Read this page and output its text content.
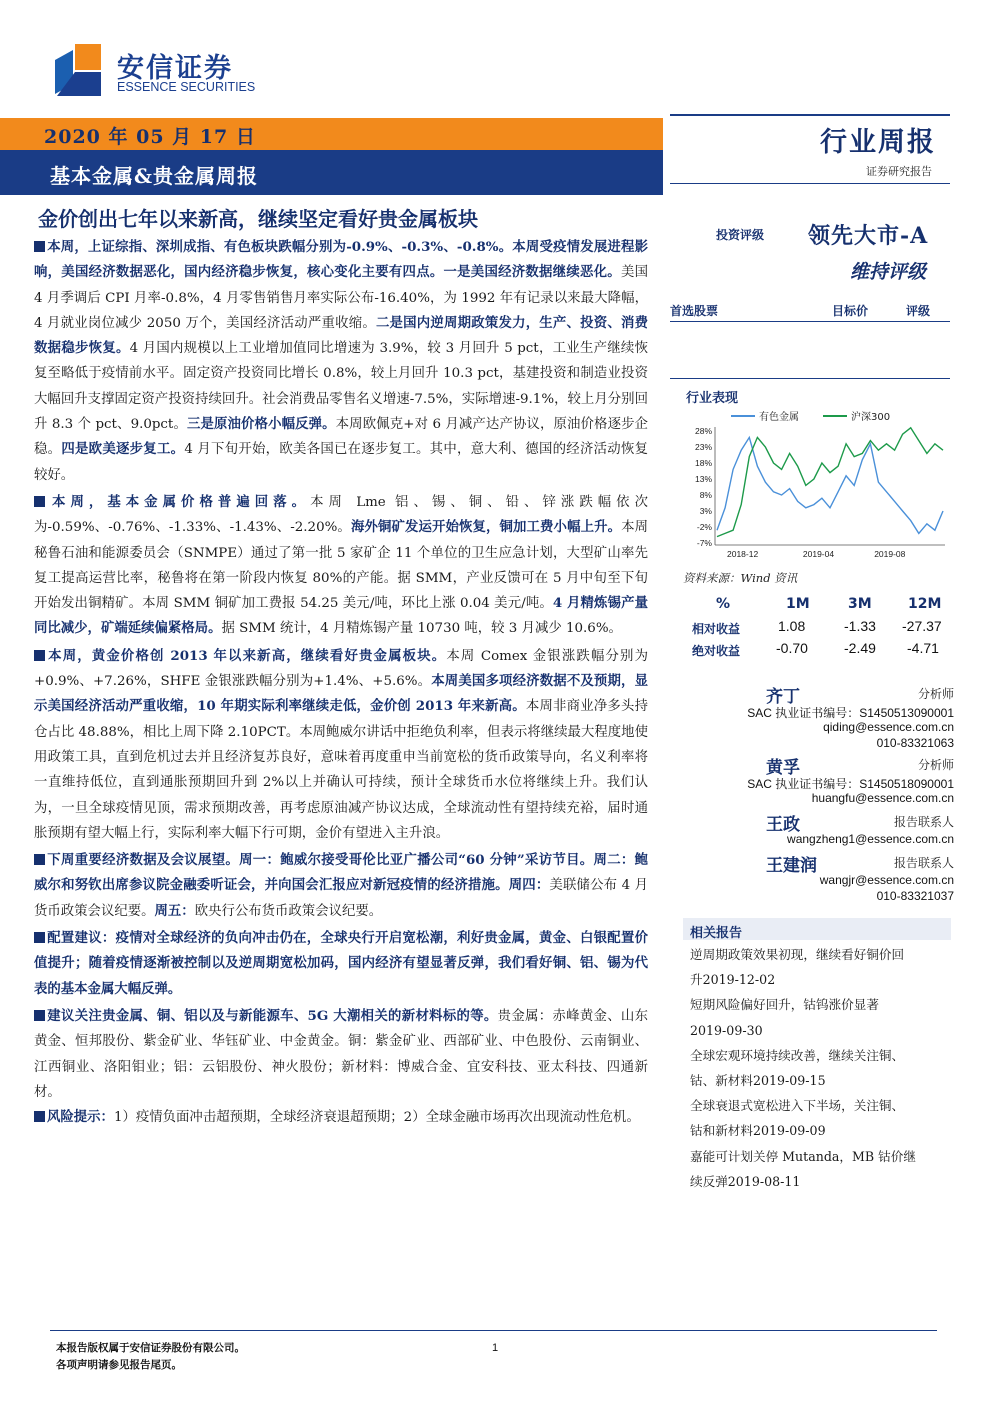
安信证券
ESSENCE SECURITIES
2020 年 05 月 17 日
基本金属&贵金属周报
行业周报
证券研究报告
金价创出七年以来新高，继续坚定看好贵金属板块

本周，上证综指、深圳成指、有色板块跌幅分别为-0.9%、-0.3%、-0.8%。本周受疫情发展进程影响，美国经济数据恶化，国内经济稳步恢复，核心变化主要有四点。一是美国经济数据继续恶化。美国 4 月季调后 CPI 月率-0.8%，4 月零售销售月率实际公布-16.40%，为 1992 年有记录以来最大降幅，4 月就业岗位减少 2050 万个，美国经济活动严重收缩。二是国内逆周期政策发力，生产、投资、消费数据稳步恢复。4 月国内规模以上工业增加值同比增速为 3.9%，较 3 月回升 5 pct，工业生产继续恢复至略低于疫情前水平。固定资产投资同比增长 0.8%，较上月回升 10.3 pct，基建投资和制造业投资大幅回升支撑固定资产投资持续回升。社会消费品零售名义增速-7.5%，实际增速-9.1%，较上月分别回升 8.3 个 pct、9.0pct。三是原油价格小幅反弹。本周欧佩克+对 6 月减产达产协议，原油价格逐步企稳。四是欧美逐步复工。4 月下旬开始，欧美各国已在逐步复工。其中，意大利、德国的经济活动恢复较好。

本周，基本金属价格普遍回落。本周 Lme 铝、锡、铜、铅、锌涨跌幅依次为-0.59%、-0.76%、-1.33%、-1.43%、-2.20%。海外铜矿发运开始恢复，铜加工费小幅上升。本周秘鲁石油和能源委员会（SNMPE）通过了第一批 5 家矿企 11 个单位的卫生应急计划，大型矿山率先复工提高运营比率，秘鲁将在第一阶段内恢复 80%的产能。据 SMM，产业反馈可在 5 月中旬至下旬开始发出铜精矿。本周 SMM 铜矿加工费报 54.25 美元/吨，环比上涨 0.04 美元/吨。4 月精炼锡产量同比减少，矿端延续偏紧格局。据 SMM 统计，4 月精炼锡产量 10730 吨，较 3 月减少 10.6%。

本周，黄金价格创 2013 年以来新高，继续看好贵金属板块。本周 Comex 金银涨跌幅分别为+0.9%、+7.26%，SHFE 金银涨跌幅分别为+1.4%、+5.6%。本周美国多项经济数据不及预期，显示美国经济活动严重收缩，10 年期实际利率继续走低，金价创 2013 年来新高。本周非商业净多头持仓占比 48.88%，相比上周下降 2.10PCT。本周鲍威尔讲话中拒绝负利率，但表示将继续最大程度地使用政策工具，直到危机过去并且经济复苏良好，意味着再度重申当前宽松的货币政策导向，名义利率将一直维持低位，直到通胀预期回升到 2%以上并确认可持续，预计全球货币水位将继续上升。我们认为，一旦全球疫情见顶，需求预期改善，再考虑原油减产协议达成，全球流动性有望持续充裕，届时通胀预期有望大幅上行，实际利率大幅下行可期，金价有望进入主升浪。

下周重要经济数据及会议展望。周一：鲍威尔接受哥伦比亚广播公司“60 分钟”采访节目。周二：鲍威尔和努钦出席参议院金融委听证会，并向国会汇报应对新冠疫情的经济措施。周四：美联储公布 4 月货币政策会议纪要。周五：欧央行公布货币政策会议纪要。

配置建议：疫情对全球经济的负向冲击仍在，全球央行开启宽松潮，利好贵金属，黄金、白银配置价值提升；随着疫情逐渐被控制以及逆周期宽松加码，国内经济有望显著反弹，我们看好铜、铝、锡为代表的基本金属大幅反弹。

建议关注贵金属、铜、铝以及与新能源车、5G 大潮相关的新材料标的等。贵金属：赤峰黄金、山东黄金、恒邦股份、紫金矿业、华钰矿业、中金黄金。铜：紫金矿业、西部矿业、中色股份、云南铜业、江西铜业、洛阳钼业；铝：云铝股份、神火股份；新材料：博威合金、宜安科技、亚太科技、四通新材。

风险提示：1）疫情负面冲击超预期，全球经济衰退超预期；2）全球金融市场再次出现流动性危机。

投资评级 领先大市-A
维持评级
首选股票	目标价	评级
行业表现
28%
23%
18%
13%
8%
3%
-2%
-7%
2018-12	2019-04	2019-08
有色金属	沪深300
资料来源：Wind 资讯
%	1M	3M	12M
相对收益	1.08	-1.33 -27.37
绝对收益	-0.70	-2.49 -4.71
齐丁	分析师
SAC 执业证书编号：S1450513090001
qiding@essence.com.cn
010-83321063
黄孚	分析师
SAC 执业证书编号：S1450518090001
huangfu@essence.com.cn
王政	报告联系人
wangzheng1@essence.com.cn
王建润	报告联系人
wangjr@essence.com.cn
010-83321037
相关报告
逆周期政策效果初现，继续看好铜价回
升2019-12-02
短期风险偏好回升，钴钨涨价显著
2019-09-30
全球宏观环境持续改善，继续关注铜、
钴、新材料2019-09-15
全球衰退式宽松进入下半场，关注铜、
钴和新材料2019-09-09
嘉能可计划关停 Mutanda，MB 钴价继
续反弹2019-08-11
本报告版权属于安信证券股份有限公司。
各项声明请参见报告尾页。
1
